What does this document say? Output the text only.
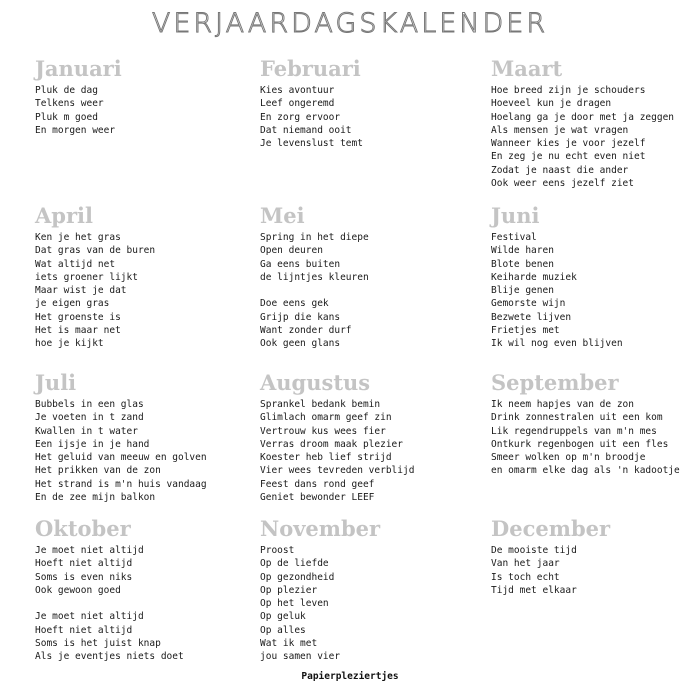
VERJAARDAGSKALENDER
Januari
Pluk de dag
Telkens weer
Pluk m goed
En morgen weer
Februari
Kies avontuur
Leef ongeremd
En zorg ervoor
Dat niemand ooit
Je levenslust temt
Maart
Hoe breed zijn je schouders
Hoeveel kun je dragen
Hoelang ga je door met ja zeggen
Als mensen je wat vragen
Wanneer kies je voor jezelf
En zeg je nu echt even niet
Zodat je naast die ander
Ook weer eens jezelf ziet
April
Ken je het gras
Dat gras van de buren
Wat altijd net
iets groener lijkt
Maar wist je dat
je eigen gras
Het groenste is
Het is maar net
hoe je kijkt
Mei
Spring in het diepe
Open deuren
Ga eens buiten
de lijntjes kleuren
Doe eens gek
Grijp die kans
Want zonder durf
Ook geen glans
Juni
Festival
Wilde haren
Blote benen
Keiharde muziek
Blije genen
Gemorste wijn
Bezwete lijven
Frietjes met
Ik wil nog even blijven
Juli
Bubbels in een glas
Je voeten in t zand
Kwallen in t water
Een ijsje in je hand
Het geluid van meeuw en golven
Het prikken van de zon
Het strand is m'n huis vandaag
En de zee mijn balkon
Augustus
Sprankel bedank bemin
Glimlach omarm geef zin
Vertrouw kus wees fier
Verras droom maak plezier
Koester heb lief strijd
Vier wees tevreden verblijd
Feest dans rond geef
Geniet bewonder LEEF
September
Ik neem hapjes van de zon
Drink zonnestralen uit een kom
Lik regendruppels van m'n mes
Ontkurk regenbogen uit een fles
Smeer wolken op m'n broodje
en omarm elke dag als 'n kadootje
Oktober
Je moet niet altijd
Hoeft niet altijd
Soms is even niks
Ook gewoon goed
Je moet niet altijd
Hoeft niet altijd
Soms is het juist knap
Als je eventjes niets doet
November
Proost
Op de liefde
Op gezondheid
Op plezier
Op het leven
Op geluk
Op alles
Wat ik met
jou samen vier
December
De mooiste tijd
Van het jaar
Is toch echt
Tijd met elkaar
Papierpleziertjes
